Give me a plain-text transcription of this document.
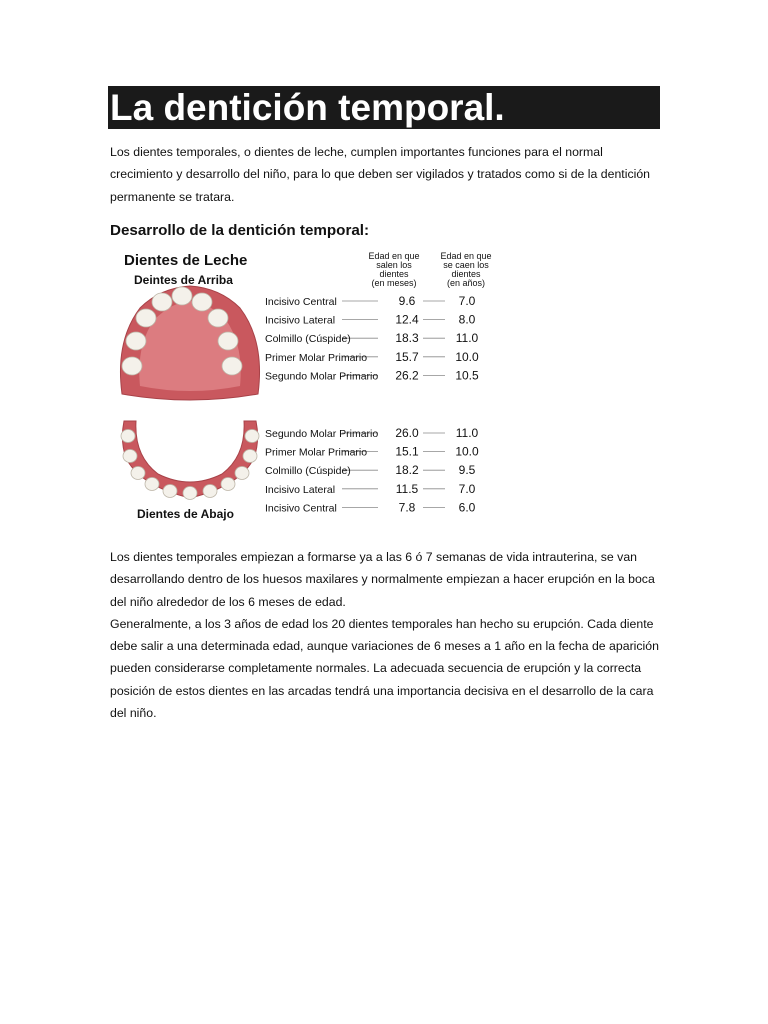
La dentición temporal.

Los dientes temporales, o dientes de leche, cumplen importantes funciones para el normal crecimiento y desarrollo del niño, para lo que deben ser vigilados y tratados como si de la dentición permanente se tratara.

Desarrollo de la dentición temporal:
Dientes de Leche
Deintes de Arriba
Dientes de Abajo
Edad en que
salen los
dientes
(en meses)
Edad en que
se caen los
dientes
(en años)
Incisivo Central	9.6	7.0
Incisivo Lateral	12.4	8.0
Colmillo (Cúspide)	18.3	11.0
Primer Molar Primario 15.7	10.0
Segundo Molar Primario 26.2	10.5
Segundo Molar Primario 26.0	11.0
Primer Molar Primario 15.1	10.0
Colmillo (Cúspide)	18.2	9.5
Incisivo Lateral	11.5	7.0
Incisivo Central	7.8	6.0

Los dientes temporales empiezan a formarse ya a las 6 ó 7 semanas de vida intrauterina, se van desarrollando dentro de los huesos maxilares y normalmente empiezan a hacer erupción en la boca del niño alrededor de los 6 meses de edad.
Generalmente, a los 3 años de edad los 20 dientes temporales han hecho su erupción. Cada diente debe salir a una determinada edad, aunque variaciones de 6 meses a 1 año en la fecha de aparición pueden considerarse completamente normales. La adecuada secuencia de erupción y la correcta posición de estos dientes en las arcadas tendrá una importancia decisiva en el desarrollo de la cara del niño.
